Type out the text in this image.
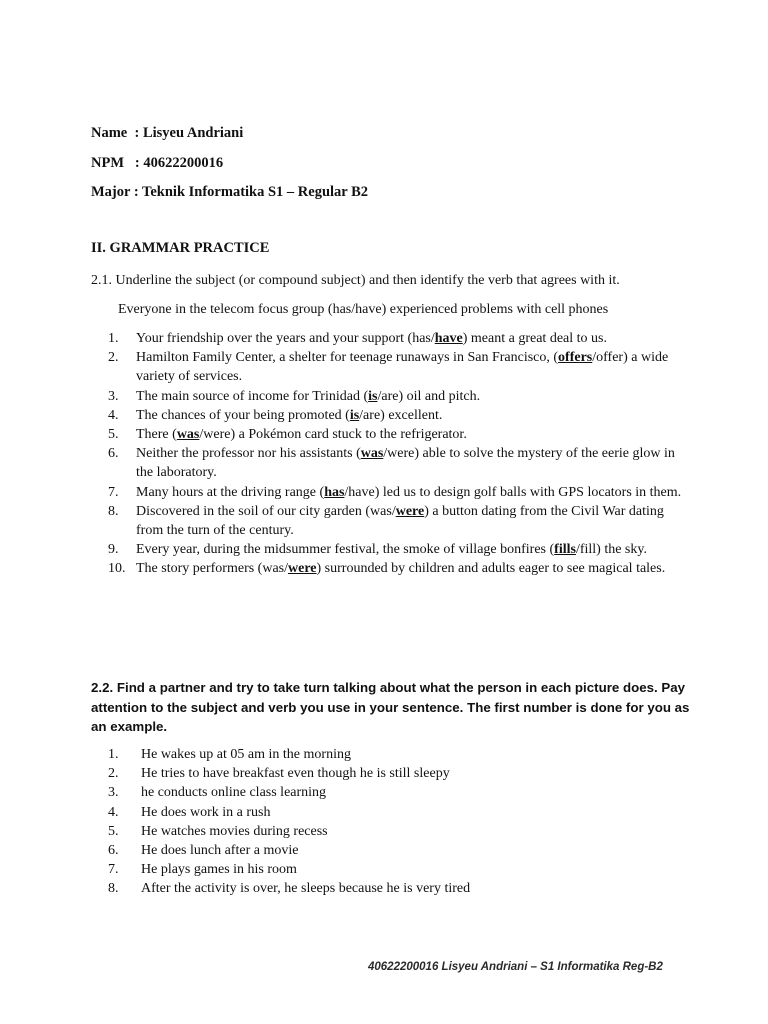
Name  : Lisyeu Andriani
NPM   : 40622200016
Major : Teknik Informatika S1 – Regular B2
II. GRAMMAR PRACTICE
2.1. Underline the subject (or compound subject) and then identify the verb that agrees with it.
Everyone in the telecom focus group (has/have) experienced problems with cell phones
1.	Your friendship over the years and your support (has/have) meant a great deal to us.
2.	Hamilton Family Center, a shelter for teenage runaways in San Francisco, (offers/offer) a wide variety of services.
3.	The main source of income for Trinidad (is/are) oil and pitch.
4.	The chances of your being promoted (is/are) excellent.
5.	There (was/were) a Pokémon card stuck to the refrigerator.
6.	Neither the professor nor his assistants (was/were) able to solve the mystery of the eerie glow in the laboratory.
7.	Many hours at the driving range (has/have) led us to design golf balls with GPS locators in them.
8.	Discovered in the soil of our city garden (was/were) a button dating from the Civil War dating from the turn of the century.
9.	Every year, during the midsummer festival, the smoke of village bonfires (fills/fill) the sky.
10. The story performers (was/were) surrounded by children and adults eager to see magical tales.
2.2. Find a partner and try to take turn talking about what the person in each picture does. Pay attention to the subject and verb you use in your sentence. The first number is done for you as an example.
1.	He wakes up at 05 am in the morning
2.	He tries to have breakfast even though he is still sleepy
3.	he conducts online class learning
4.	He does work in a rush
5.	He watches movies during recess
6.	He does lunch after a movie
7.	He plays games in his room
8.	After the activity is over, he sleeps because he is very tired
40622200016 Lisyeu Andriani – S1 Informatika Reg-B2
